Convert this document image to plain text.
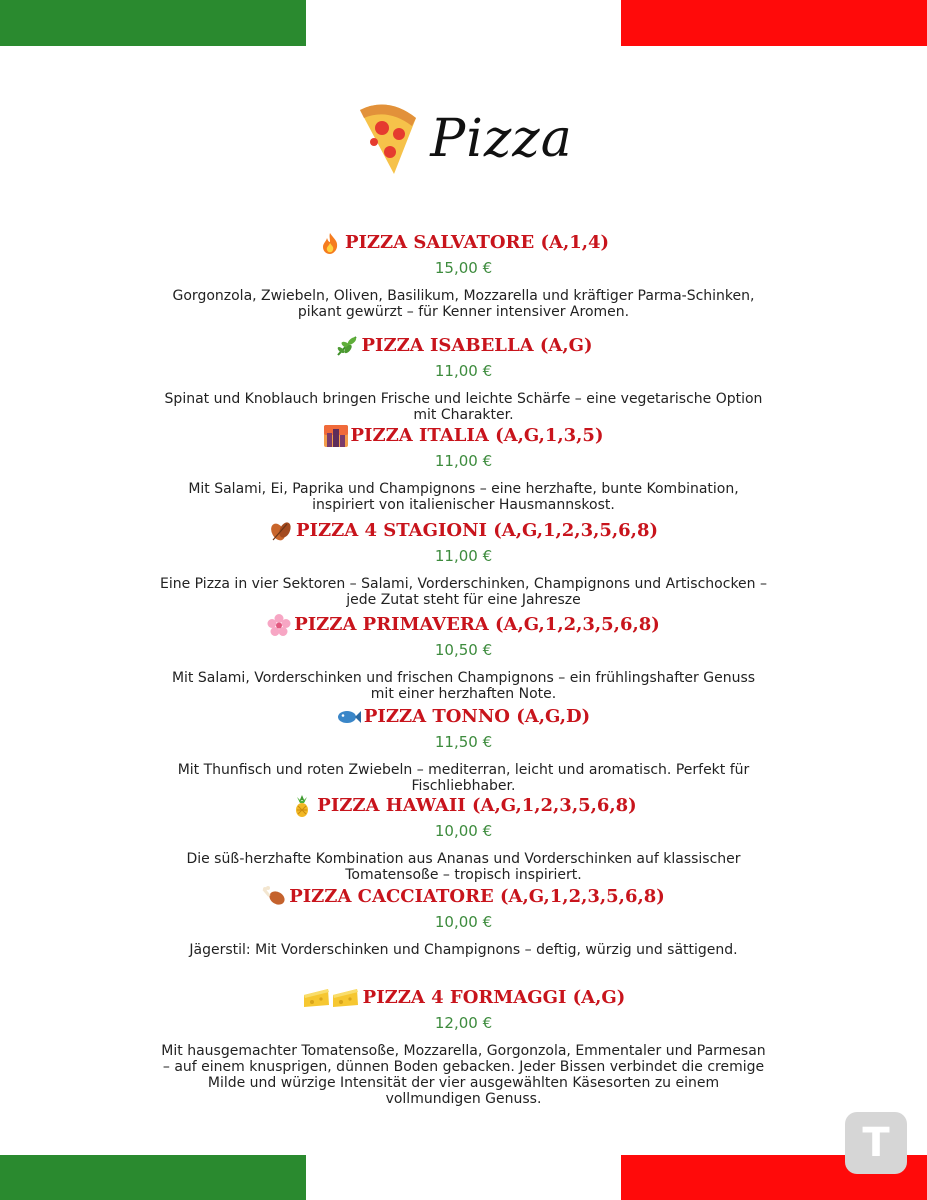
Pizza
PIZZA SALVATORE (A,1,4)
15,00 €
Gorgonzola, Zwiebeln, Oliven, Basilikum, Mozzarella und kräftiger Parma-Schinken,
pikant gewürzt – für Kenner intensiver Aromen.
PIZZA ISABELLA (A,G)
11,00 €
Spinat und Knoblauch bringen Frische und leichte Schärfe – eine vegetarische Option
mit Charakter.
PIZZA ITALIA (A,G,1,3,5)
11,00 €
Mit Salami, Ei, Paprika und Champignons – eine herzhafte, bunte Kombination,
inspiriert von italienischer Hausmannskost.
PIZZA 4 STAGIONI (A,G,1,2,3,5,6,8)
11,00 €
Eine Pizza in vier Sektoren – Salami, Vorderschinken, Champignons und Artischocken –
jede Zutat steht für eine Jahresze
PIZZA PRIMAVERA (A,G,1,2,3,5,6,8)
10,50 €
Mit Salami, Vorderschinken und frischen Champignons – ein frühlingshafter Genuss
mit einer herzhaften Note.
PIZZA TONNO (A,G,D)
11,50 €
Mit Thunfisch und roten Zwiebeln – mediterran, leicht und aromatisch. Perfekt für
Fischliebhaber.
PIZZA HAWAII (A,G,1,2,3,5,6,8)
10,00 €
Die süß-herzhafte Kombination aus Ananas und Vorderschinken auf klassischer
Tomatensoße – tropisch inspiriert.
PIZZA CACCIATORE (A,G,1,2,3,5,6,8)
10,00 €
Jägerstil: Mit Vorderschinken und Champignons – deftig, würzig und sättigend.
PIZZA 4 FORMAGGI (A,G)
12,00 €
Mit hausgemachter Tomatensoße, Mozzarella, Gorgonzola, Emmentaler und Parmesan
– auf einem knusprigen, dünnen Boden gebacken. Jeder Bissen verbindet die cremige
Milde und würzige Intensität der vier ausgewählten Käsesorten zu einem
vollmundigen Genuss.
T
